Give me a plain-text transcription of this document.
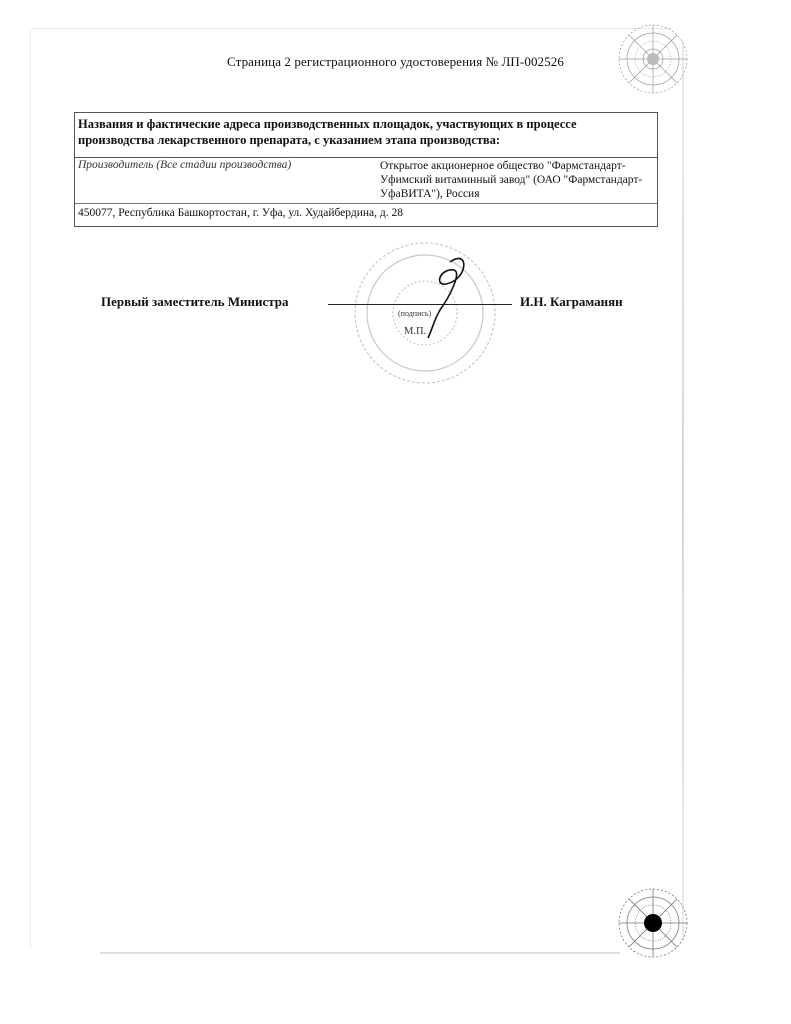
Страница 2 регистрационного удостоверения № ЛП-002526
Названия и фактические адреса производственных площадок, участвующих в процессе производства лекарственного препарата, с указанием этапа производства:
Производитель (Все стадии производства)	Открытое акционерное общество "Фармстандарт-Уфимский витаминный завод" (ОАО "Фармстандарт-УфаВИТА"), Россия
450077, Республика Башкортостан, г. Уфа, ул. Худайбердина, д. 28
Первый заместитель Министра
(подпись)
М.П.
И.Н. Каграманян
